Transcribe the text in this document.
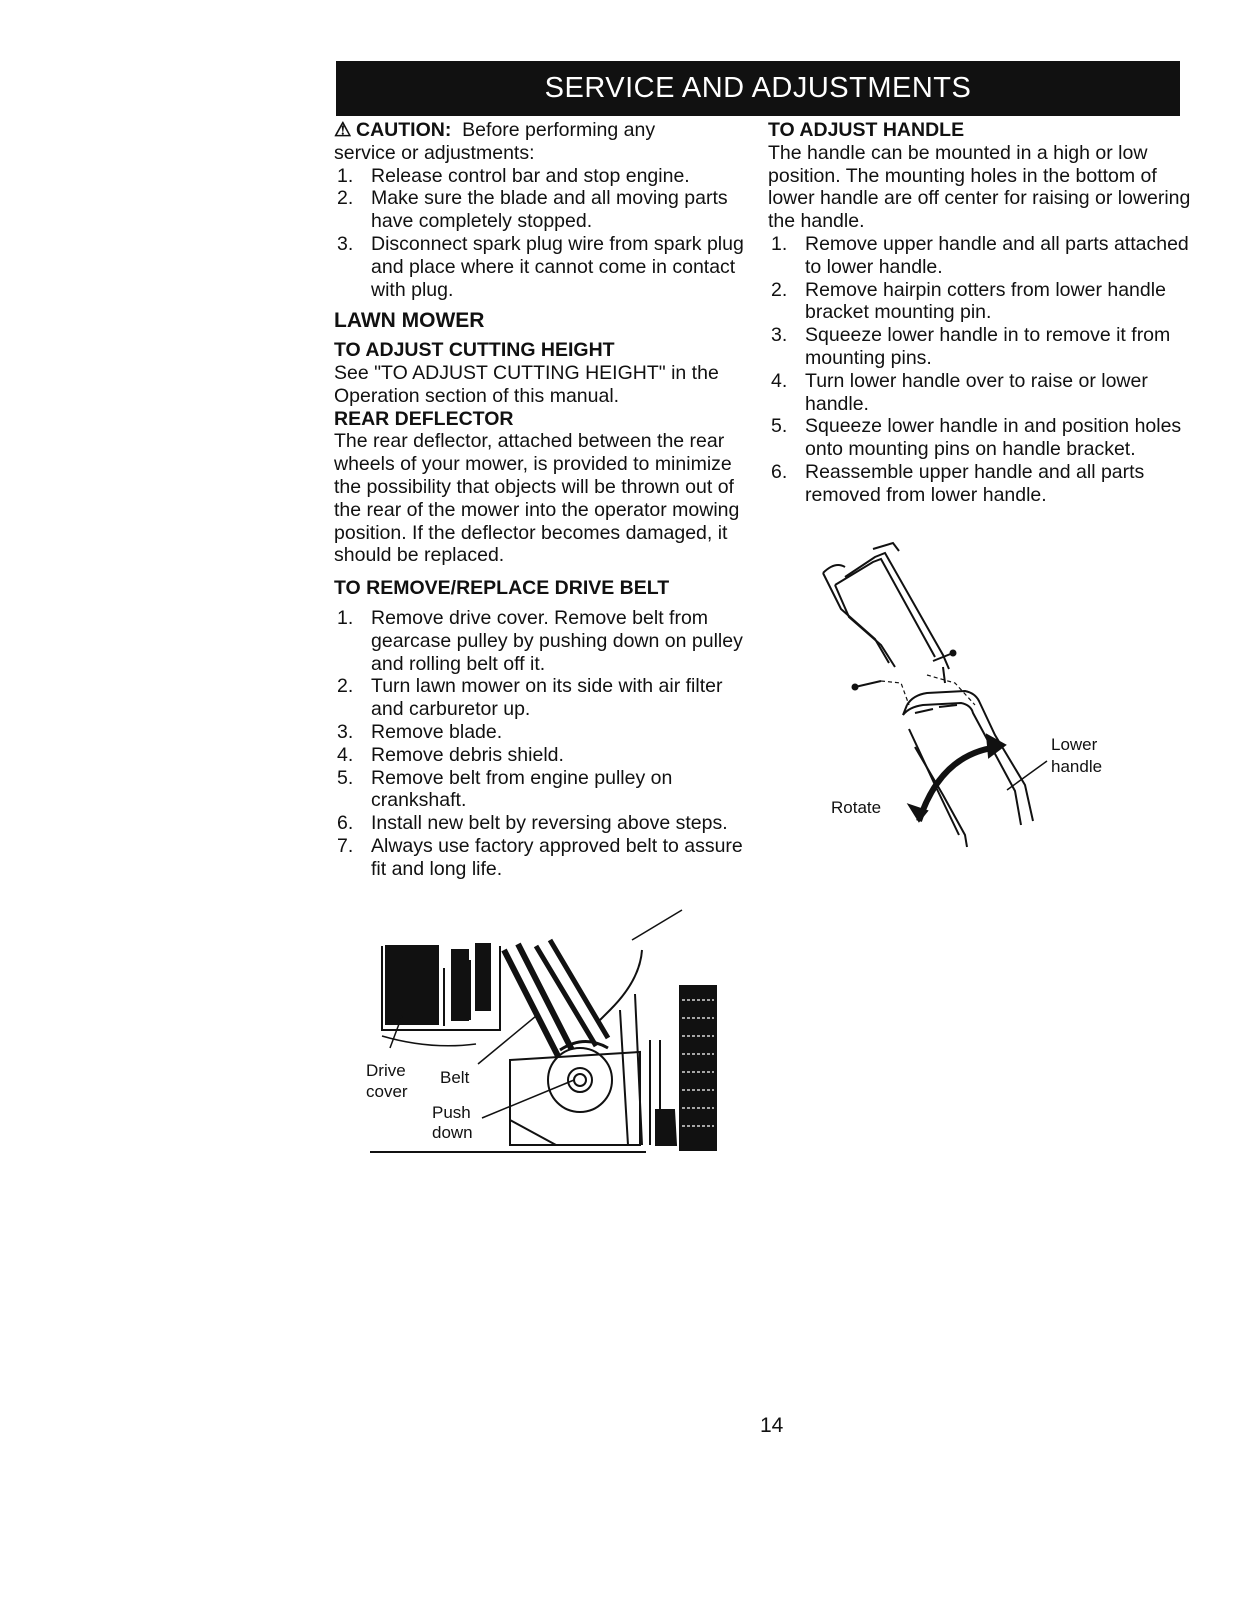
SERVICE AND ADJUSTMENTS

⚠ CAUTION: Before performing any

service or adjustments:

1. Release control bar and stop engine.
2. Make sure the blade and all moving parts have completely stopped.
3. Disconnect spark plug wire from spark plug and place where it cannot come in contact with plug.

LAWN MOWER

TO ADJUST CUTTING HEIGHT

See "TO ADJUST CUTTING HEIGHT" in the Operation section of this manual.

REAR DEFLECTOR

The rear deflector, attached between the rear wheels of your mower, is provided to minimize the possibility that objects will be thrown out of the rear of the mower into the operator mowing position. If the deflector becomes damaged, it should be replaced.

TO REMOVE/REPLACE DRIVE BELT

1. Remove drive cover. Remove belt from gearcase pulley by pushing down on pulley and rolling belt off it.
2. Turn lawn mower on its side with air filter and carburetor up.
3. Remove blade.
4. Remove debris shield.
5. Remove belt from engine pulley on crankshaft.
6. Install new belt by reversing above steps.
7. Always use factory approved belt to assure fit and long life.

TO ADJUST HANDLE

The handle can be mounted in a high or low position. The mounting holes in the bottom of lower handle are off center for raising or lowering the handle.

1. Remove upper handle and all parts attached to lower handle.
2. Remove hairpin cotters from lower handle bracket mounting pin.
3. Squeeze lower handle in to remove it from mounting pins.
4. Turn lower handle over to raise or lower handle.
5. Squeeze lower handle in and position holes onto mounting pins on handle bracket.
6. Reassemble upper handle and all parts removed from lower handle.
Lower
handle
Rotate
Drive
cover
Belt
Push
down
14
